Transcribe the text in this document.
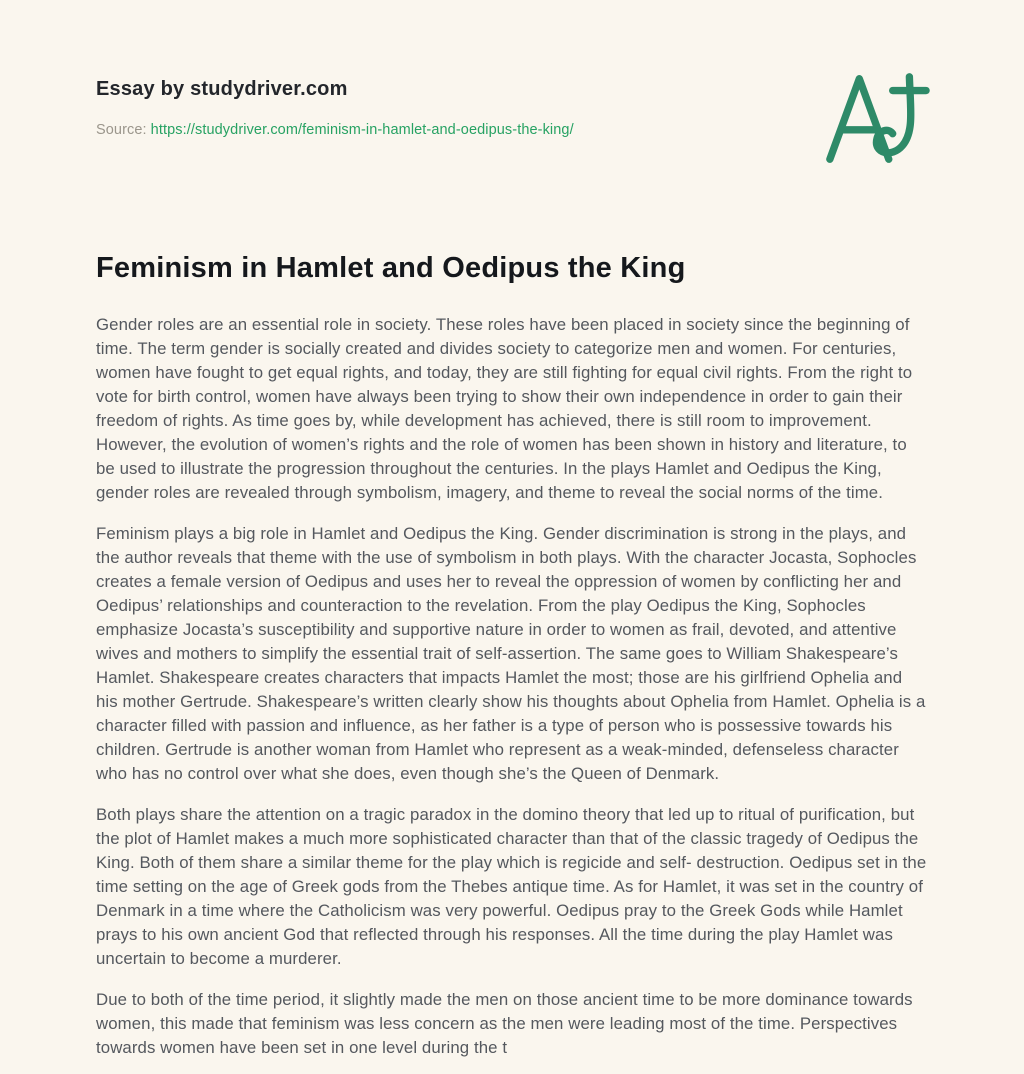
Essay by studydriver.com
Source: https://studydriver.com/feminism-in-hamlet-and-oedipus-the-king/
Feminism in Hamlet and Oedipus the King

Gender roles are an essential role in society. These roles have been placed in society since the beginning of time. The term gender is socially created and divides society to categorize men and women. For centuries, women have fought to get equal rights, and today, they are still fighting for equal civil rights. From the right to vote for birth control, women have always been trying to show their own independence in order to gain their freedom of rights. As time goes by, while development has achieved, there is still room to improvement. However, the evolution of women’s rights and the role of women has been shown in history and literature, to be used to illustrate the progression throughout the centuries. In the plays Hamlet and Oedipus the King, gender roles are revealed through symbolism, imagery, and theme to reveal the social norms of the time.

Feminism plays a big role in Hamlet and Oedipus the King. Gender discrimination is strong in the plays, and the author reveals that theme with the use of symbolism in both plays. With the character Jocasta, Sophocles creates a female version of Oedipus and uses her to reveal the oppression of women by conflicting her and Oedipus’ relationships and counteraction to the revelation. From the play Oedipus the King, Sophocles emphasize Jocasta’s susceptibility and supportive nature in order to women as frail, devoted, and attentive wives and mothers to simplify the essential trait of self-assertion. The same goes to William Shakespeare’s Hamlet. Shakespeare creates characters that impacts Hamlet the most; those are his girlfriend Ophelia and his mother Gertrude. Shakespeare’s written clearly show his thoughts about Ophelia from Hamlet. Ophelia is a character filled with passion and influence, as her father is a type of person who is possessive towards his children. Gertrude is another woman from Hamlet who represent as a weak-minded, defenseless character who has no control over what she does, even though she’s the Queen of Denmark.

Both plays share the attention on a tragic paradox in the domino theory that led up to ritual of purification, but the plot of Hamlet makes a much more sophisticated character than that of the classic tragedy of Oedipus the King. Both of them share a similar theme for the play which is regicide and self- destruction. Oedipus set in the time setting on the age of Greek gods from the Thebes antique time. As for Hamlet, it was set in the country of Denmark in a time where the Catholicism was very powerful. Oedipus pray to the Greek Gods while Hamlet prays to his own ancient God that reflected through his responses. All the time during the play Hamlet was uncertain to become a murderer.

Due to both of the time period, it slightly made the men on those ancient time to be more dominance towards women, this made that feminism was less concern as the men were leading most of the time. Perspectives towards women have been set in one level during the t
